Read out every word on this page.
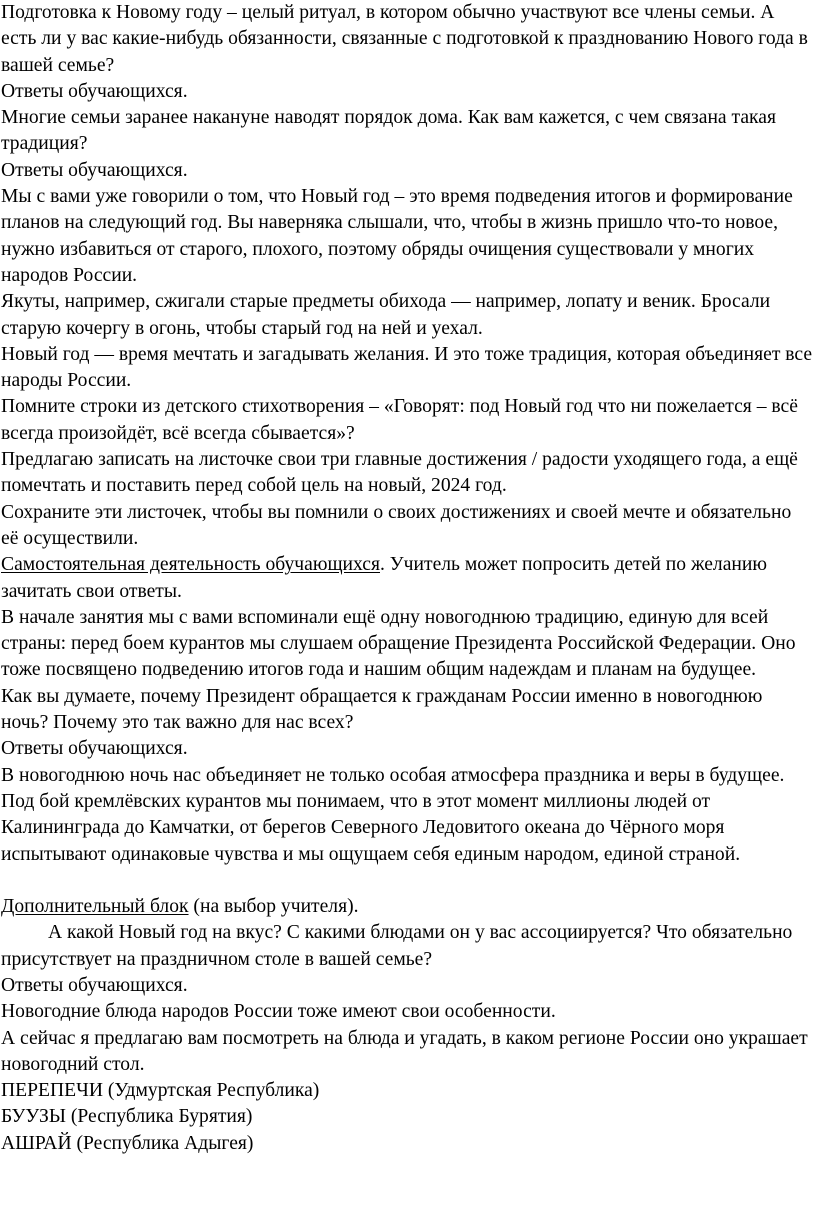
Подготовка к Новому году – целый ритуал, в котором обычно участвуют все члены семьи. А есть ли у вас какие-нибудь обязанности, связанные с подготовкой к празднованию Нового года в вашей семье?

Ответы обучающихся.

Многие семьи заранее накануне наводят порядок дома. Как вам кажется, с чем связана такая традиция?

Ответы обучающихся.

Мы с вами уже говорили о том, что Новый год – это время подведения итогов и формирование планов на следующий год. Вы наверняка слышали, что, чтобы в жизнь пришло что-то новое, нужно избавиться от старого, плохого, поэтому обряды очищения существовали у многих народов России.

Якуты, например, сжигали старые предметы обихода — например, лопату и веник. Бросали старую кочергу в огонь, чтобы старый год на ней и уехал.

Новый год — время мечтать и загадывать желания. И это тоже традиция, которая объединяет все народы России.

Помните строки из детского стихотворения – «Говорят: под Новый год что ни пожелается – всё всегда произойдёт, всё всегда сбывается»?

Предлагаю записать на листочке свои три главные достижения / радости уходящего года, а ещё помечтать и поставить перед собой цель на новый, 2024 год.

Сохраните эти листочек, чтобы вы помнили о своих достижениях и своей мечте и обязательно её осуществили.

Самостоятельная деятельность обучающихся. Учитель может попросить детей по желанию зачитать свои ответы.

В начале занятия мы с вами вспоминали ещё одну новогоднюю традицию, единую для всей страны: перед боем курантов мы слушаем обращение Президента Российской Федерации. Оно тоже посвящено подведению итогов года и нашим общим надеждам и планам на будущее.

Как вы думаете, почему Президент обращается к гражданам России именно в новогоднюю ночь? Почему это так важно для нас всех?

Ответы обучающихся.

В новогоднюю ночь нас объединяет не только особая атмосфера праздника и веры в будущее. Под бой кремлёвских курантов мы понимаем, что в этот момент миллионы людей от Калининграда до Камчатки, от берегов Северного Ледовитого океана до Чёрного моря испытывают одинаковые чувства и мы ощущаем себя единым народом, единой страной.

Дополнительный блок (на выбор учителя).

А какой Новый год на вкус? С какими блюдами он у вас ассоциируется? Что обязательно присутствует на праздничном столе в вашей семье?

Ответы обучающихся.

Новогодние блюда народов России тоже имеют свои особенности.

А сейчас я предлагаю вам посмотреть на блюда и угадать, в каком регионе России оно украшает новогодний стол.

ПЕРЕПЕЧИ (Удмуртская Республика)

БУУЗЫ (Республика Бурятия)

АШРАЙ (Республика Адыгея)
